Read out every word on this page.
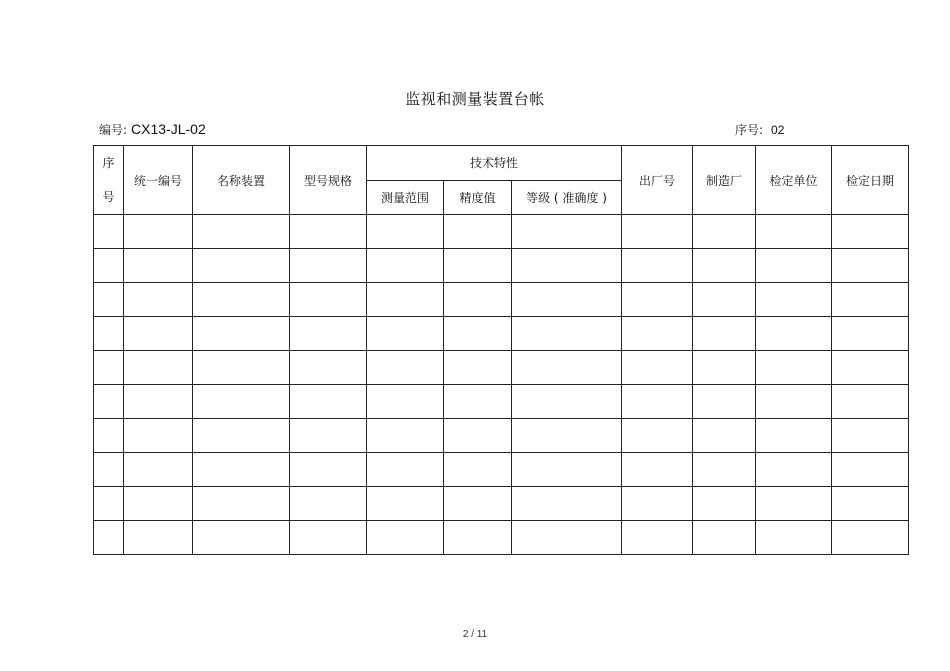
监视和测量装置台帐
编号: CX13-JL-02	序号: 02
序
号	统一编号	名称装置	型号规格	技术特性			出厂号	制造厂	检定单位	检定日期
				测量范围	精度值	等级 ( 准确度 )				

2 / 11
